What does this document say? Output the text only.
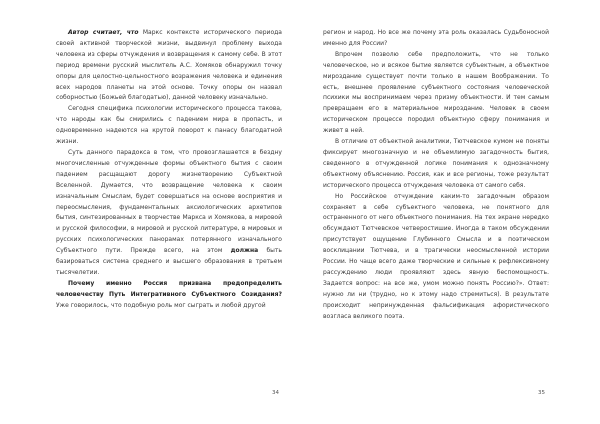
Автор считает, что Маркс контексте исторического периода своей активной творческой жизни, выдвинул проблему выхода человека из сферы отчуждения и возвращения к самому себе. В этот период времени русский мыслитель А.С. Хомяков обнаружил точку опоры для целостно-цельностного возражения человека и единения всех народов планеты на этой основе. Точку опоры он назвал соборностью (Божьей благодатью), данной человеку изначально.

Сегодня специфика психологии исторического процесса такова, что народы как бы смирились с падением мира в пропасть, и одновременно надеются на крутой поворот к панacy благодатной жизни.

Суть данного парадокса в том, что провозглашается в бездну многочисленные отчужденные формы объектного бытия с своим падением расщащают дорогу жизнетворению Субъектной Вселенной. Думается, что возвращение человека к своим изначальным Смыслам, будет совершаться на основе восприятия и переосмысления, фундаментальных аксиологических архетипов бытия, синтезированных в творчестве Маркса и Хомякова, в мировой и русской философии, в мировой и русской литературе, в мировых и русских психологических панорамах потерянного изначального Субъектного пути. Прежде всего, на этом должна быть базироваться система среднего и высшего образования в третьем тысячелетии.

Почему именно Россия призвана предопределить человечеству Путь Интегративного Субъектного Созидания? Уже говорилось, что подобную роль мог сыграть и любой другой

34

регион и народ. Но все же почему эта роль оказалась Судьбоносной именно для России?

Впрочем позволю себе предположить, что не только человеческое, но и всякое бытие является субъектным, а объектное мироздание существует почти только в нашем Воображении. То есть, внешнее проявление субъектного состояния человеческой психики мы воспринимаем через призму объектности. И тем самым превращаем его в материальное мироздание. Человек в своем историческом процессе породил объектную сферу понимания и живет в ней.

В отличие от объектной аналитики, Тютчевское кумом не поняты фиксирует многозначную и не объемлимую загадочность бытия, сведенного в отчужденной логике понимания к однозначному объектному объяснению. Россия, как и все регионы, тоже результат исторического процесса отчуждения человека от самого себя.

Но Российское отчуждение каким-то загадочным образом сохраняет в себе субъектного человека, не понятного для остраненного от него объектного понимания. На тех экране нередко обсуждают Тютчевское четверостишие. Иногда в таком обсуждении присутствует ощущение Глубинного Смысла и в поэтическом восклицании Тютчева, и в трагически неосмысленной истории России. Но чаще всего даже творческие и сильные к рефлексивному рассуждению люди проявляют здесь явную беспомощность. Задается вопрос: на все же, умом можно понять Россию?». Ответ: нужно ли ни (трудно, но к этому надо стремиться). В результате происходит непринужденная фальсификация афористического возгласа великого поэта.

35
